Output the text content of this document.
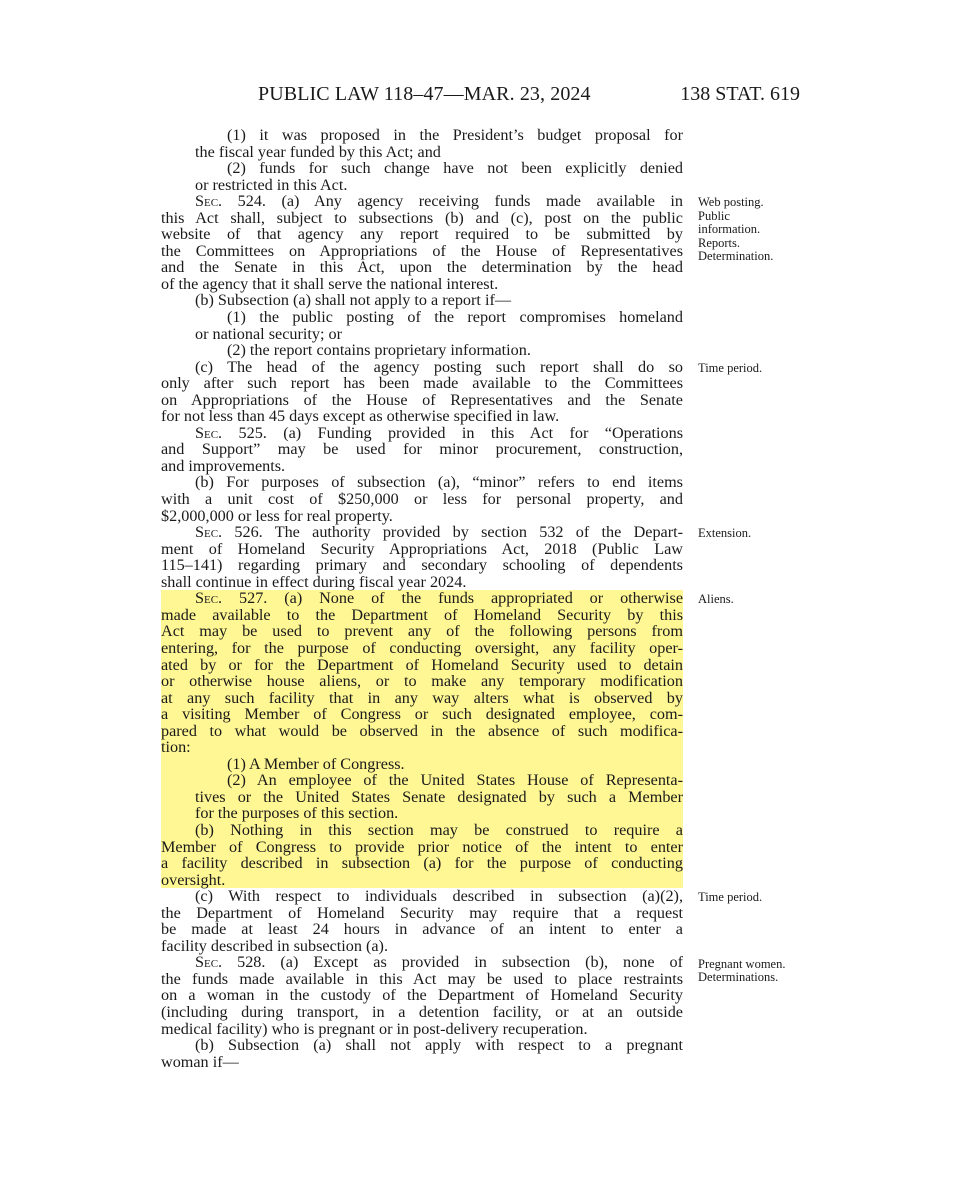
PUBLIC LAW 118–47—MAR. 23, 2024	138 STAT. 619
(1) it was proposed in the President’s budget proposal for
the fiscal year funded by this Act; and
(2) funds for such change have not been explicitly denied
or restricted in this Act.
Sec. 524. (a) Any agency receiving funds made available in
this Act shall, subject to subsections (b) and (c), post on the public
website of that agency any report required to be submitted by
the Committees on Appropriations of the House of Representatives
and the Senate in this Act, upon the determination by the head
of the agency that it shall serve the national interest.
(b) Subsection (a) shall not apply to a report if—
(1) the public posting of the report compromises homeland
or national security; or
(2) the report contains proprietary information.
(c) The head of the agency posting such report shall do so
only after such report has been made available to the Committees
on Appropriations of the House of Representatives and the Senate
for not less than 45 days except as otherwise specified in law.
Sec. 525. (a) Funding provided in this Act for “Operations
and Support” may be used for minor procurement, construction,
and improvements.
(b) For purposes of subsection (a), “minor” refers to end items
with a unit cost of $250,000 or less for personal property, and
$2,000,000 or less for real property.
Sec. 526. The authority provided by section 532 of the Depart-
ment of Homeland Security Appropriations Act, 2018 (Public Law
115–141) regarding primary and secondary schooling of dependents
shall continue in effect during fiscal year 2024.
Sec. 527. (a) None of the funds appropriated or otherwise
made available to the Department of Homeland Security by this
Act may be used to prevent any of the following persons from
entering, for the purpose of conducting oversight, any facility oper-
ated by or for the Department of Homeland Security used to detain
or otherwise house aliens, or to make any temporary modification
at any such facility that in any way alters what is observed by
a visiting Member of Congress or such designated employee, com-
pared to what would be observed in the absence of such modifica-
tion:
(1) A Member of Congress.
(2) An employee of the United States House of Representa-
tives or the United States Senate designated by such a Member
for the purposes of this section.
(b) Nothing in this section may be construed to require a
Member of Congress to provide prior notice of the intent to enter
a facility described in subsection (a) for the purpose of conducting
oversight.
(c) With respect to individuals described in subsection (a)(2),
the Department of Homeland Security may require that a request
be made at least 24 hours in advance of an intent to enter a
facility described in subsection (a).
Sec. 528. (a) Except as provided in subsection (b), none of
the funds made available in this Act may be used to place restraints
on a woman in the custody of the Department of Homeland Security
(including during transport, in a detention facility, or at an outside
medical facility) who is pregnant or in post-delivery recuperation.
(b) Subsection (a) shall not apply with respect to a pregnant
woman if—
Web posting.
Public
information.
Reports.
Determination.
Time period.
Extension.
Aliens.
Time period.
Pregnant women.
Determinations.
